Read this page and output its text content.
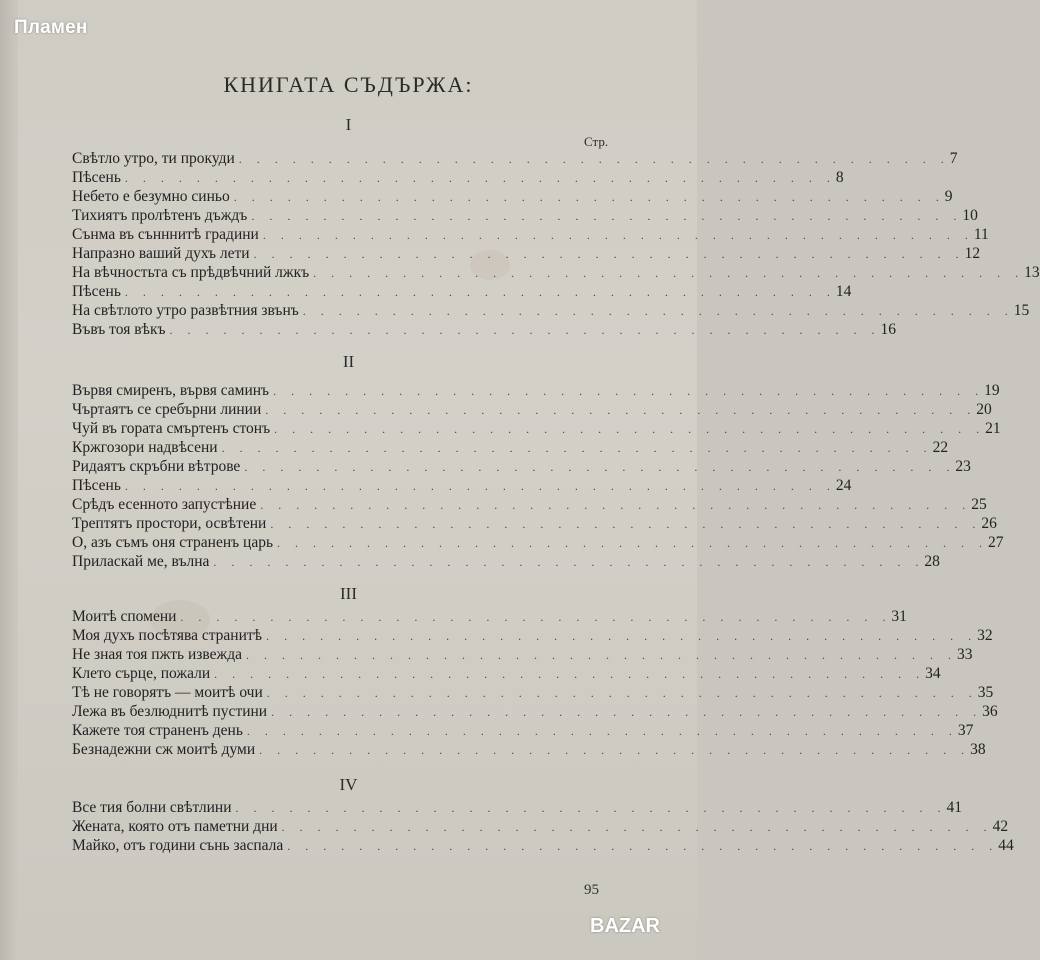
Пламен
КНИГАТА СЪДЪРЖА:
Стр.
I
Свѣтло утро, ти прокуди . . . . . . . . . . . . . . . . . . . . . . . . . . . . . . . . . . . . . . . . 7
Пѣсень . . . . . . . . . . . . . . . . . . . . . . . . . . . . . . . . . . . . . . . . 8
Небето е безумно синьо . . . . . . . . . . . . . . . . . . . . . . . . . . . . . . . . . . . . . . . . 9
Тихиятъ пролѣтенъ дъждъ . . . . . . . . . . . . . . . . . . . . . . . . . . . . . . . . . . . . . . . . 10
Сънма въ сънннитѣ градини . . . . . . . . . . . . . . . . . . . . . . . . . . . . . . . . . . . . . . . . 11
Напразно ваший духъ лети . . . . . . . . . . . . . . . . . . . . . . . . . . . . . . . . . . . . . . . . 12
На вѣчностьта съ прѣдвѣчний лжкъ . . . . . . . . . . . . . . . . . . . . . . . . . . . . . . . . . . . . . . . . 13
Пѣсень . . . . . . . . . . . . . . . . . . . . . . . . . . . . . . . . . . . . . . . . 14
На свѣтлото утро развѣтния звънъ . . . . . . . . . . . . . . . . . . . . . . . . . . . . . . . . . . . . . . . . 15
Въвъ тоя вѣкъ . . . . . . . . . . . . . . . . . . . . . . . . . . . . . . . . . . . . . . . . 16
II
Вървя смиренъ, вървя саминъ . . . . . . . . . . . . . . . . . . . . . . . . . . . . . . . . . . . . . . . . 19
Чъртаятъ се сребърни линии . . . . . . . . . . . . . . . . . . . . . . . . . . . . . . . . . . . . . . . . 20
Чуй въ гората смъртенъ стонъ . . . . . . . . . . . . . . . . . . . . . . . . . . . . . . . . . . . . . . . . 21
Кржгозори надвѣсени . . . . . . . . . . . . . . . . . . . . . . . . . . . . . . . . . . . . . . . . 22
Ридаятъ скръбни вѣтрове . . . . . . . . . . . . . . . . . . . . . . . . . . . . . . . . . . . . . . . . 23
Пѣсень . . . . . . . . . . . . . . . . . . . . . . . . . . . . . . . . . . . . . . . . 24
Срѣдъ есенното запустѣние . . . . . . . . . . . . . . . . . . . . . . . . . . . . . . . . . . . . . . . . 25
Трептятъ простори, освѣтени . . . . . . . . . . . . . . . . . . . . . . . . . . . . . . . . . . . . . . . . 26
О, азъ съмъ оня страненъ царь . . . . . . . . . . . . . . . . . . . . . . . . . . . . . . . . . . . . . . . . 27
Приласкай ме, вълна . . . . . . . . . . . . . . . . . . . . . . . . . . . . . . . . . . . . . . . . 28
III
Моитѣ спомени . . . . . . . . . . . . . . . . . . . . . . . . . . . . . . . . . . . . . . . . 31
Моя духъ посѣтява странитѣ . . . . . . . . . . . . . . . . . . . . . . . . . . . . . . . . . . . . . . . . 32
Не зная тоя пжть извежда . . . . . . . . . . . . . . . . . . . . . . . . . . . . . . . . . . . . . . . . 33
Клето сърце, пожали . . . . . . . . . . . . . . . . . . . . . . . . . . . . . . . . . . . . . . . . 34
Тѣ не говорятъ — моитѣ очи . . . . . . . . . . . . . . . . . . . . . . . . . . . . . . . . . . . . . . . . 35
Лежа въ безлюднитѣ пустини . . . . . . . . . . . . . . . . . . . . . . . . . . . . . . . . . . . . . . . . 36
Кажете тоя страненъ день . . . . . . . . . . . . . . . . . . . . . . . . . . . . . . . . . . . . . . . . 37
Безнадежни сж моитѣ думи . . . . . . . . . . . . . . . . . . . . . . . . . . . . . . . . . . . . . . . . 38
IV
Все тия болни свѣтлини . . . . . . . . . . . . . . . . . . . . . . . . . . . . . . . . . . . . . . . . 41
Жената, която отъ паметни дни . . . . . . . . . . . . . . . . . . . . . . . . . . . . . . . . . . . . . . . . 42
Майко, отъ години сънь заспала . . . . . . . . . . . . . . . . . . . . . . . . . . . . . . . . . . . . . . . . 44
95
BAZAR
